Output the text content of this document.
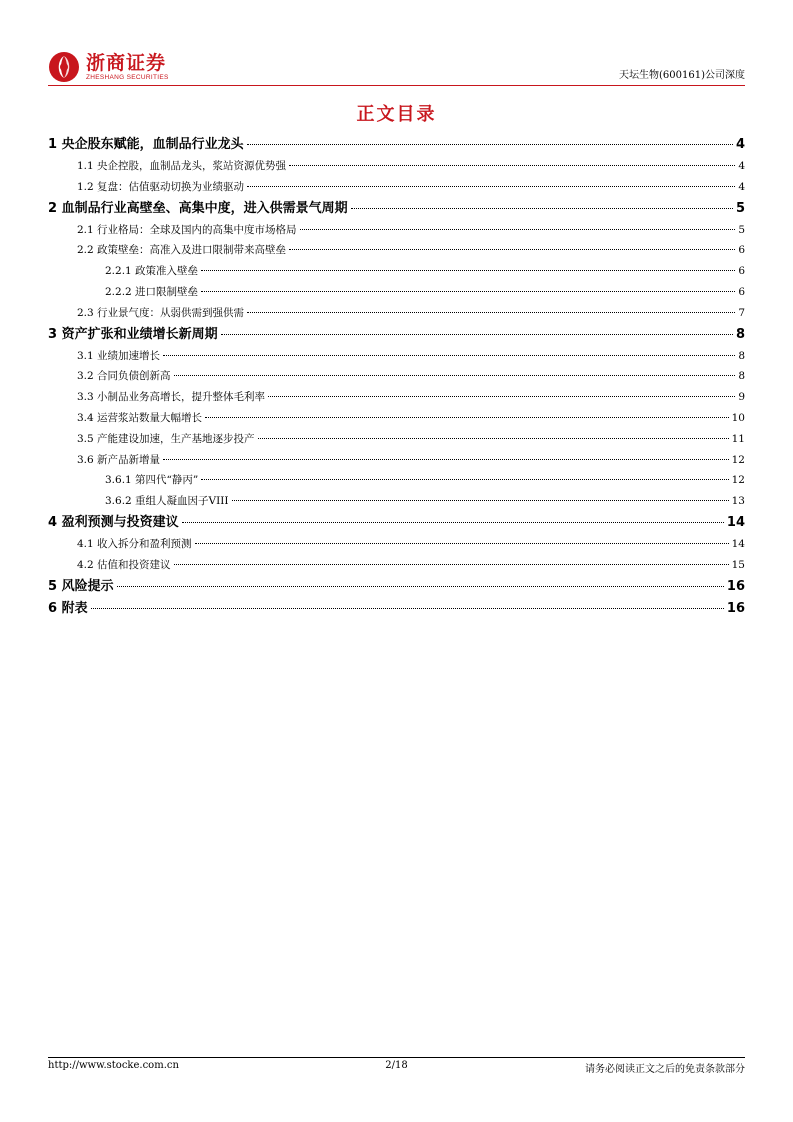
浙商证券
ZHESHANG SECURITIES	天坛生物(600161)公司深度
正文目录
1 央企股东赋能，血制品行业龙头	4
1.1 央企控股，血制品龙头，浆站资源优势强	4
1.2 复盘：估值驱动切换为业绩驱动	4
2 血制品行业高壁垒、高集中度，进入供需景气周期	5
2.1 行业格局：全球及国内的高集中度市场格局	5
2.2 政策壁垒：高准入及进口限制带来高壁垒	6
2.2.1 政策准入壁垒	6
2.2.2 进口限制壁垒	6
2.3 行业景气度：从弱供需到强供需	7
3 资产扩张和业绩增长新周期	8
3.1 业绩加速增长	8
3.2 合同负债创新高	8
3.3 小制品业务高增长，提升整体毛利率	9
3.4 运营浆站数量大幅增长	10
3.5 产能建设加速，生产基地逐步投产	11
3.6 新产品新增量	12
3.6.1 第四代“静丙”	12
3.6.2 重组人凝血因子VIII	13
4 盈利预测与投资建议	14
4.1 收入拆分和盈利预测	14
4.2 估值和投资建议	15
5 风险提示	16
6 附表	16
http://www.stocke.com.cn	2/18	请务必阅读正文之后的免责条款部分
